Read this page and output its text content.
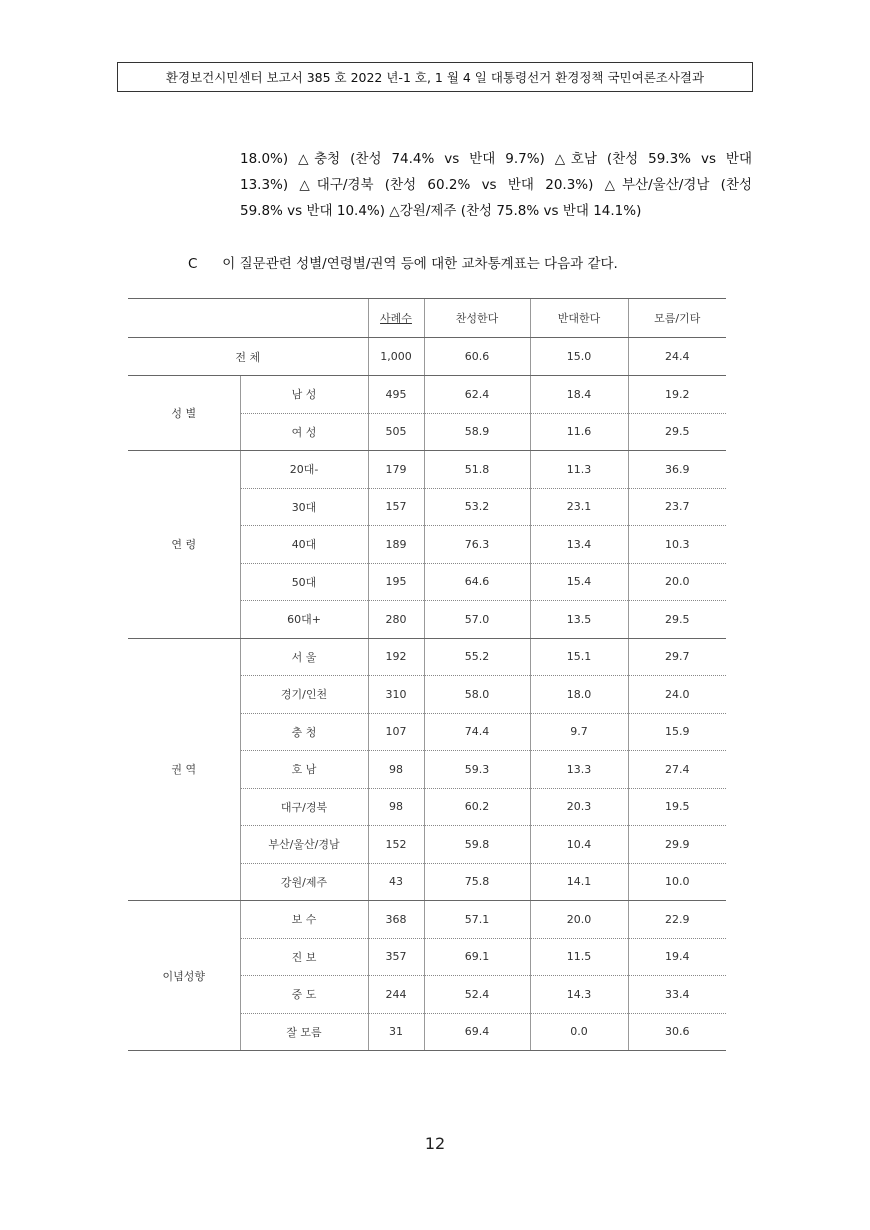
환경보건시민센터 보고서 385 호 2022 년-1 호, 1 월 4 일 대통령선거 환경정책 국민여론조사결과

18.0%) △충청 (찬성 74.4% vs 반대 9.7%) △호남 (찬성 59.3% vs 반대

13.3%) △대구/경북 (찬성 60.2% vs 반대 20.3%) △부산/울산/경남 (찬성

59.8% vs 반대 10.4%) △강원/제주 (찬성 75.8% vs 반대 14.1%)

C 이 질문관련 성별/연령별/권역 등에 대한 교차통계표는 다음과 같다.
		사례수	찬성한다	반대한다	모름/기타
전 체		1,000	60.6	15.0	24.4
성 별	남 성	495	62.4	18.4	19.2
	여 성	505	58.9	11.6	29.5
연 령	20대-	179	51.8	11.3	36.9
	30대	157	53.2	23.1	23.7
	40대	189	76.3	13.4	10.3
	50대	195	64.6	15.4	20.0
	60대+	280	57.0	13.5	29.5
권 역	서 울	192	55.2	15.1	29.7
	경기/인천	310	58.0	18.0	24.0
	충 청	107	74.4	9.7	15.9
	호 남	98	59.3	13.3	27.4
	대구/경북	98	60.2	20.3	19.5
	부산/울산/경남	152	59.8	10.4	29.9
	강원/제주	43	75.8	14.1	10.0
이념성향	보 수	368	57.1	20.0	22.9
	진 보	357	69.1	11.5	19.4
	중 도	244	52.4	14.3	33.4
	잘 모름	31	69.4	0.0	30.6
12
